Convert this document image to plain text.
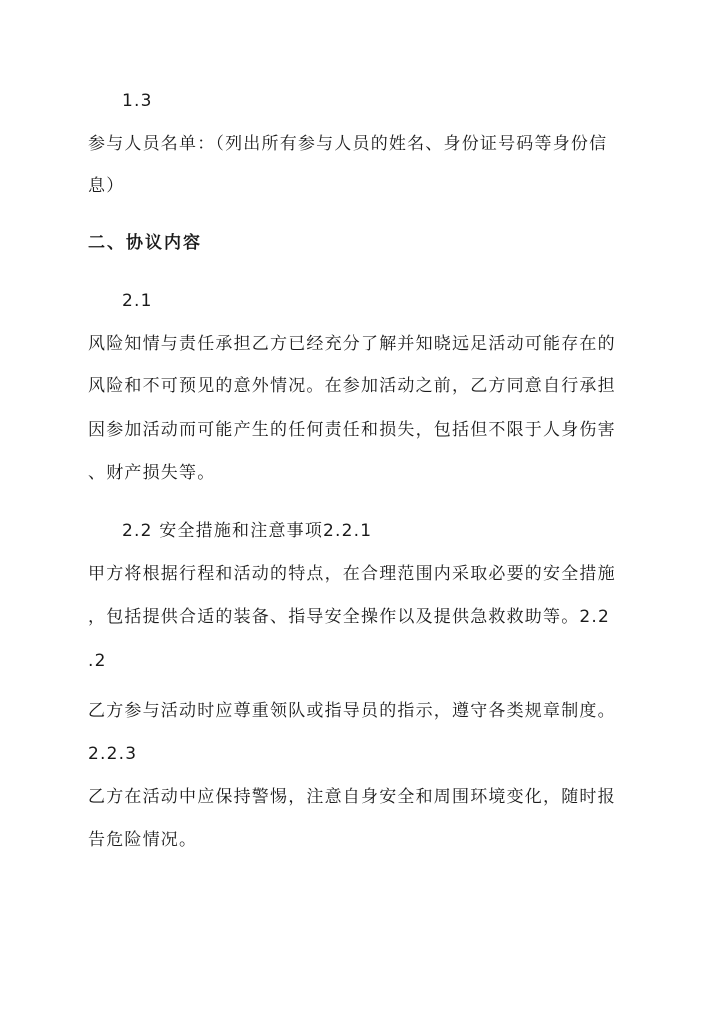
1.3
参与人员名单：（列出所有参与人员的姓名、身份证号码等身份信
息）
二、协议内容
2.1
风险知情与责任承担乙方已经充分了解并知晓远足活动可能存在的
风险和不可预见的意外情况。在参加活动之前，乙方同意自行承担
因参加活动而可能产生的任何责任和损失，包括但不限于人身伤害
、财产损失等。
2.2 安全措施和注意事项2.2.1
甲方将根据行程和活动的特点，在合理范围内采取必要的安全措施
，包括提供合适的装备、指导安全操作以及提供急救救助等。2.2
.2
乙方参与活动时应尊重领队或指导员的指示，遵守各类规章制度。
2.2.3
乙方在活动中应保持警惕，注意自身安全和周围环境变化，随时报
告危险情况。
